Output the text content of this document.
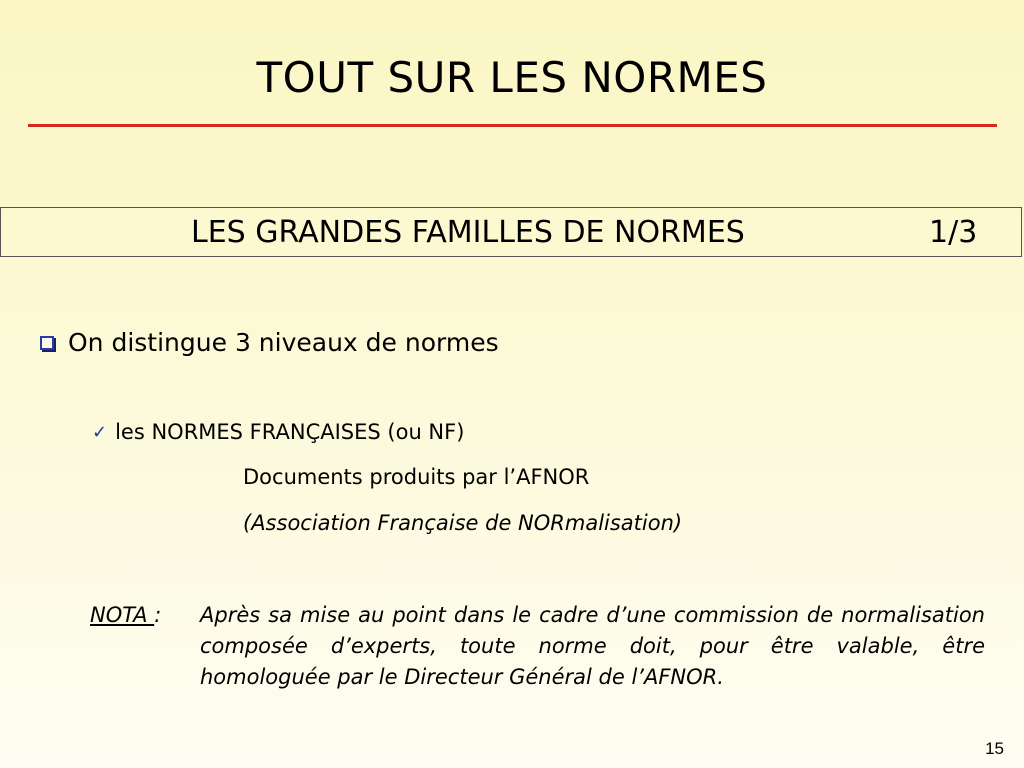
TOUT SUR LES NORMES
LES GRANDES FAMILLES DE NORMES	1/3
On distingue 3 niveaux de normes
✓ les NORMES FRANÇAISES (ou NF)
Documents produits par l’AFNOR
(Association Française de NORmalisation)
NOTA : Après sa mise au point dans le cadre d’une commission de normalisation composée d’experts, toute norme doit, pour être valable, être homologuée par le Directeur Général de l’AFNOR.
15
